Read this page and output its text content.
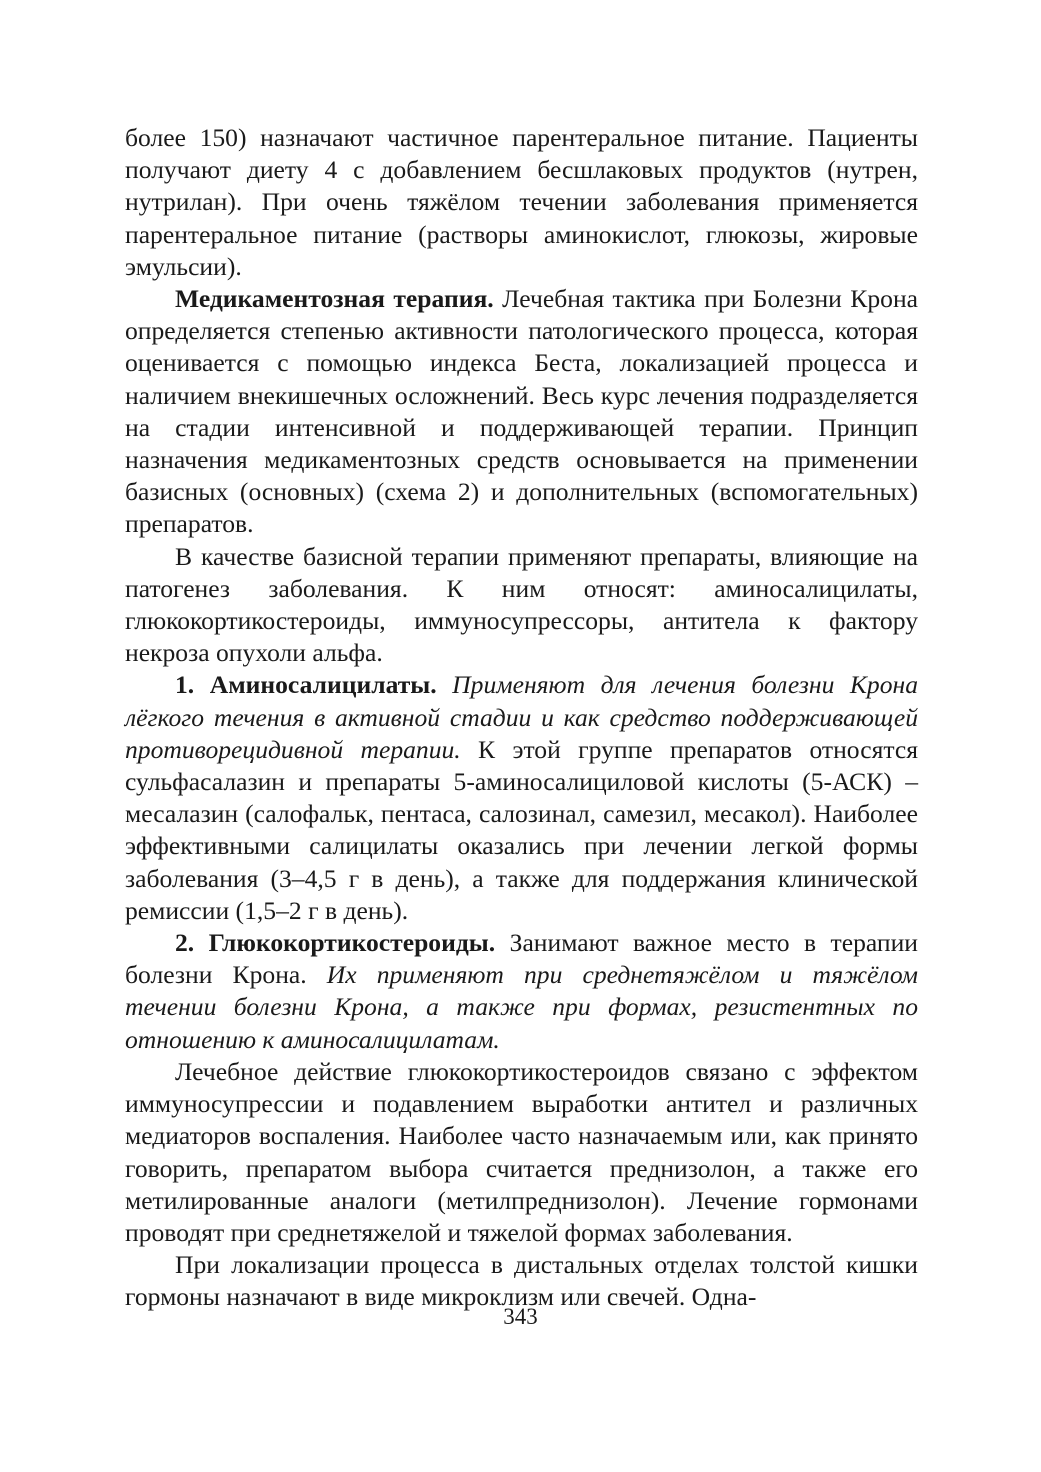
более 150) назначают частичное парентеральное питание. Пациенты получают диету 4 с добавлением бесшлаковых продуктов (нутрен, нутрилан). При очень тяжёлом течении заболевания применяется парентеральное питание (растворы аминокислот, глюкозы, жировые эмульсии).

Медикаментозная терапия. Лечебная тактика при Болезни Крона определяется степенью активности патологического процесса, которая оценивается с помощью индекса Беста, локализацией процесса и наличием внекишечных осложнений. Весь курс лечения подразделяется на стадии интенсивной и поддерживающей терапии. Принцип назначения медикаментозных средств основывается на применении базисных (основных) (схема 2) и дополнительных (вспомогательных) препаратов.

В качестве базисной терапии применяют препараты, влияющие на патогенез заболевания. К ним относят: аминосалицилаты, глюкокортикостероиды, иммуносупрессоры, антитела к фактору некроза опухоли альфа.

1. Аминосалицилаты. Применяют для лечения болезни Крона лёгкого течения в активной стадии и как средство поддерживающей противорецидивной терапии. К этой группе препаратов относятся сульфасалазин и препараты 5-аминосалициловой кислоты (5-АСК) – месалазин (салофальк, пентаса, салозинал, самезил, месакол). Наиболее эффективными салицилаты оказались при лечении легкой формы заболевания (3–4,5 г в день), а также для поддержания клинической ремиссии (1,5–2 г в день).

2. Глюкокортикостероиды. Занимают важное место в терапии болезни Крона. Их применяют при среднетяжёлом и тяжёлом течении болезни Крона, а также при формах, резистентных по отношению к аминосалицилатам.

Лечебное действие глюкокортикостероидов связано с эффектом иммуносупрессии и подавлением выработки антител и различных медиаторов воспаления. Наиболее часто назначаемым или, как принято говорить, препаратом выбора считается преднизолон, а также его метилированные аналоги (метилпреднизолон). Лечение гормонами проводят при среднетяжелой и тяжелой формах заболевания.

При локализации процесса в дистальных отделах толстой кишки гормоны назначают в виде микроклизм или свечей. Одна-

343
